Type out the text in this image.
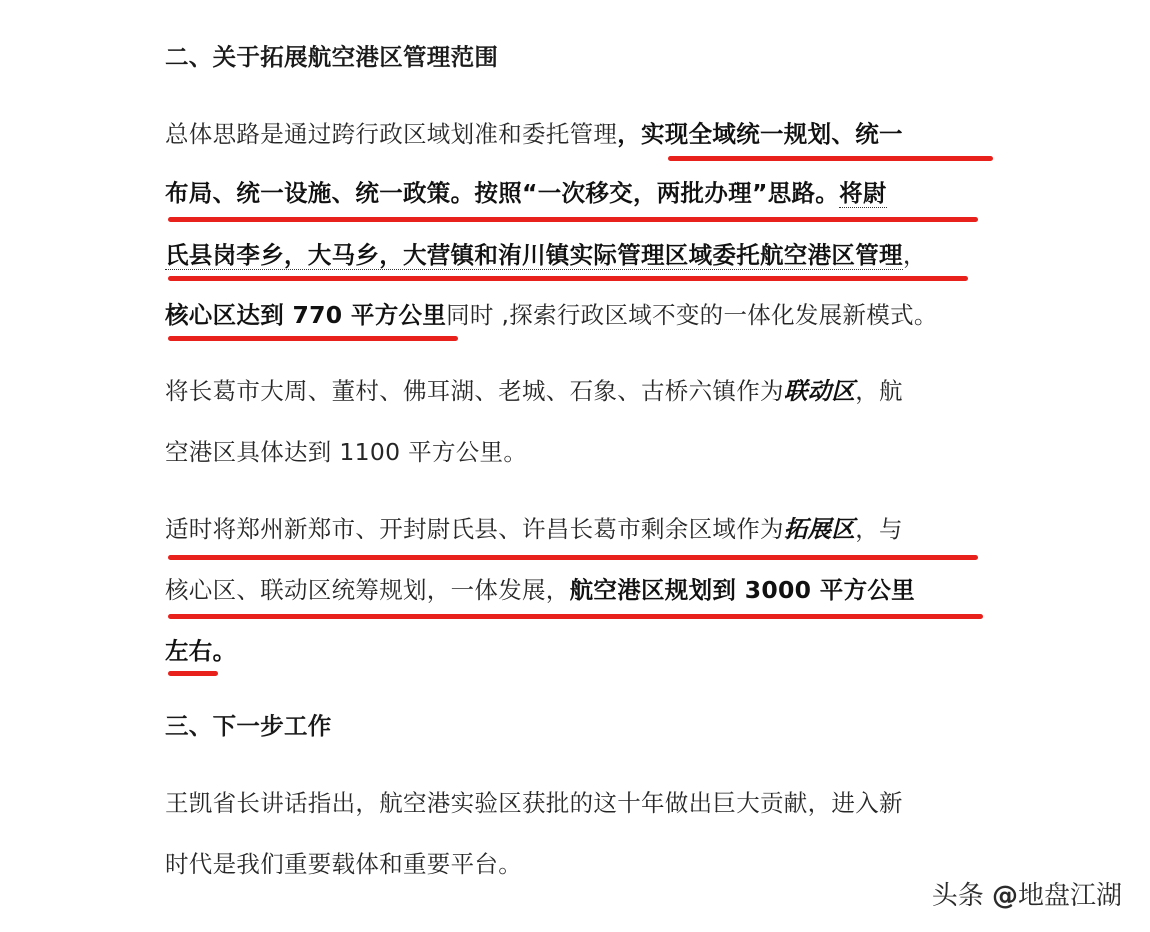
二、关于拓展航空港区管理范围
总体思路是通过跨行政区域划准和委托管理，实现全域统一规划、统一
布局、统一设施、统一政策。按照“一次移交，两批办理”思路。将尉
氏县岗李乡，大马乡，大营镇和洧川镇实际管理区域委托航空港区管理，
核心区达到 770 平方公里同时 ,探索行政区域不变的一体化发展新模式。
将长葛市大周、董村、佛耳湖、老城、石象、古桥六镇作为联动区，航
空港区具体达到 1100 平方公里。
适时将郑州新郑市、开封尉氏县、许昌长葛市剩余区域作为拓展区，与
核心区、联动区统筹规划，一体发展，航空港区规划到 3000 平方公里
左右。
三、下一步工作
王凯省长讲话指出，航空港实验区获批的这十年做出巨大贡献，进入新
时代是我们重要载体和重要平台。
头条 @地盘江湖
